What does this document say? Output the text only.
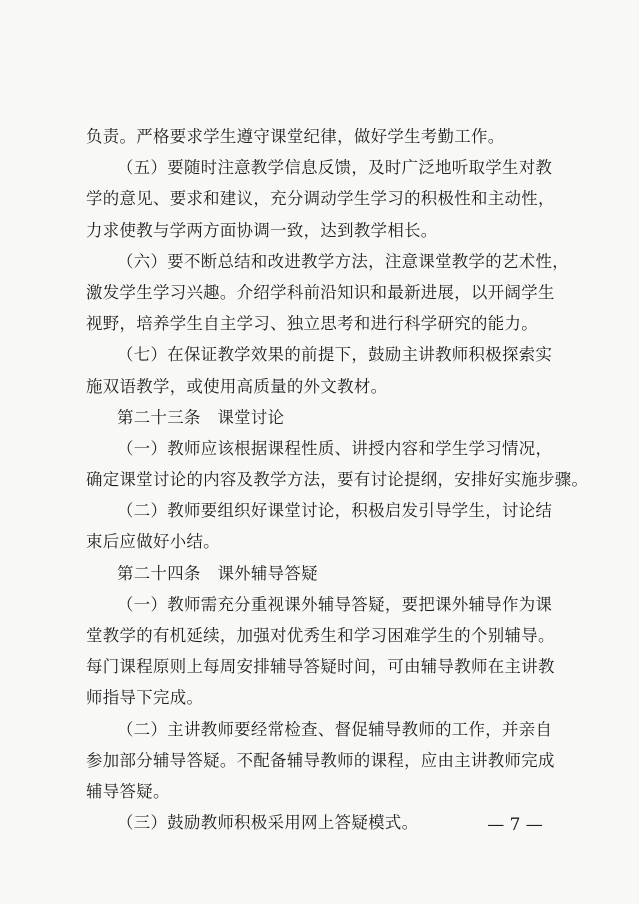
负责。严格要求学生遵守课堂纪律，做好学生考勤工作。
（五）要随时注意教学信息反馈，及时广泛地听取学生对教
学的意见、要求和建议，充分调动学生学习的积极性和主动性，
力求使教与学两方面协调一致，达到教学相长。
（六）要不断总结和改进教学方法，注意课堂教学的艺术性，
激发学生学习兴趣。介绍学科前沿知识和最新进展，以开阔学生
视野，培养学生自主学习、独立思考和进行科学研究的能力。
（七）在保证教学效果的前提下，鼓励主讲教师积极探索实
施双语教学，或使用高质量的外文教材。
第二十三条　课堂讨论
（一）教师应该根据课程性质、讲授内容和学生学习情况，
确定课堂讨论的内容及教学方法，要有讨论提纲，安排好实施步骤。
（二）教师要组织好课堂讨论，积极启发引导学生，讨论结
束后应做好小结。
第二十四条　课外辅导答疑
（一）教师需充分重视课外辅导答疑，要把课外辅导作为课
堂教学的有机延续，加强对优秀生和学习困难学生的个别辅导。
每门课程原则上每周安排辅导答疑时间，可由辅导教师在主讲教
师指导下完成。
（二）主讲教师要经常检查、督促辅导教师的工作，并亲自
参加部分辅导答疑。不配备辅导教师的课程，应由主讲教师完成
辅导答疑。
（三）鼓励教师积极采用网上答疑模式。	— 7 —
